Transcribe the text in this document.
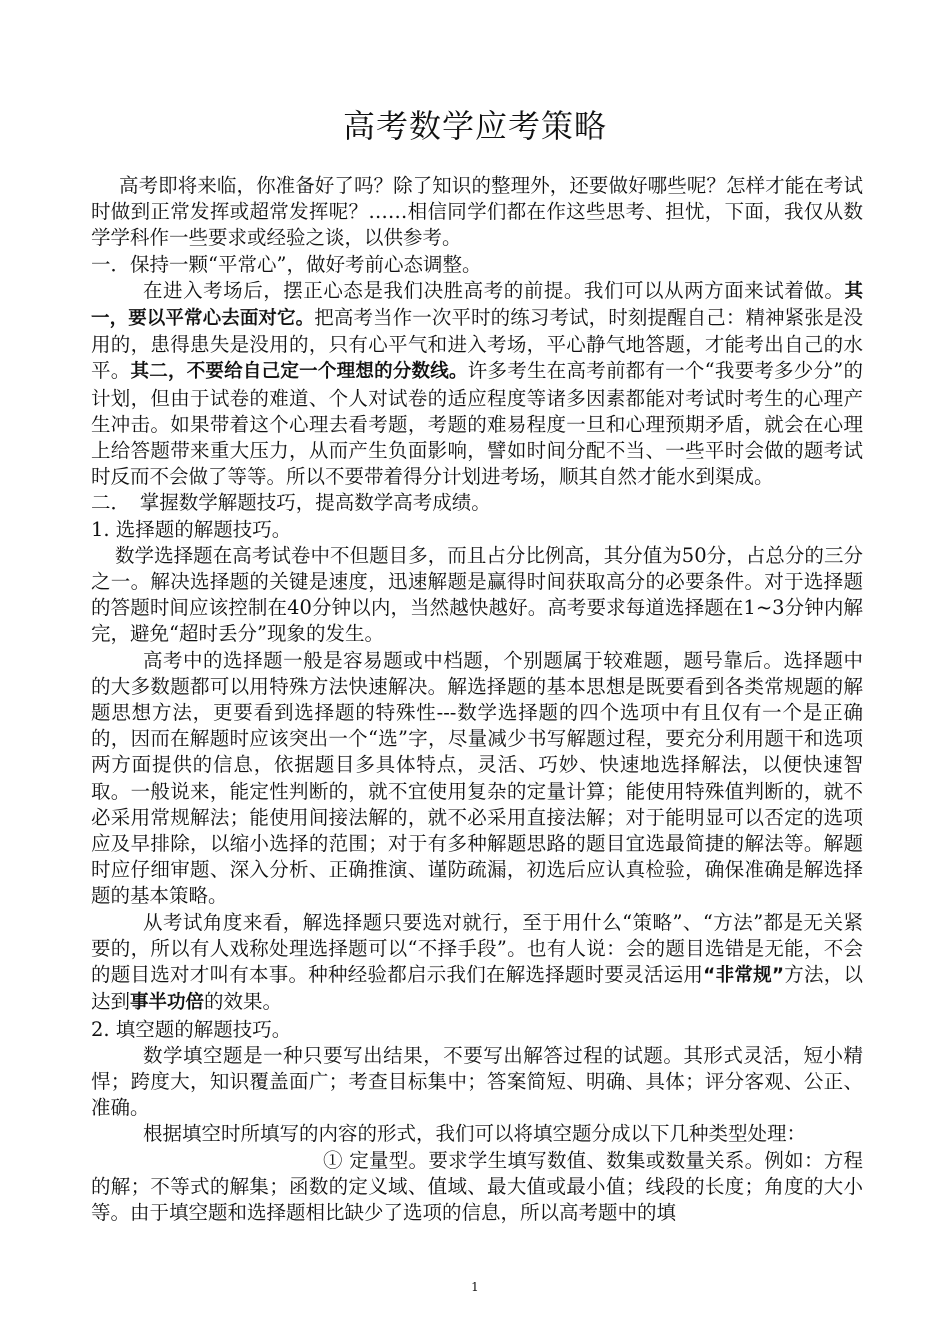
高考数学应考策略

高考即将来临，你准备好了吗？除了知识的整理外，还要做好哪些呢？怎样才能在考试时做到正常发挥或超常发挥呢？……相信同学们都在作这些思考、担忧，下面，我仅从数学学科作一些要求或经验之谈，以供参考。

一．保持一颗“平常心”，做好考前心态调整。

在进入考场后，摆正心态是我们决胜高考的前提。我们可以从两方面来试着做。其一，要以平常心去面对它。把高考当作一次平时的练习考试，时刻提醒自己：精神紧张是没用的，患得患失是没用的，只有心平气和进入考场，平心静气地答题，才能考出自己的水平。其二，不要给自己定一个理想的分数线。许多考生在高考前都有一个“我要考多少分”的计划，但由于试卷的难道、个人对试卷的适应程度等诸多因素都能对考试时考生的心理产生冲击。如果带着这个心理去看考题，考题的难易程度一旦和心理预期矛盾，就会在心理上给答题带来重大压力，从而产生负面影响，譬如时间分配不当、一些平时会做的题考试时反而不会做了等等。所以不要带着得分计划进考场，顺其自然才能水到渠成。

二．　掌握数学解题技巧，提高数学高考成绩。

1. 选择题的解题技巧。

数学选择题在高考试卷中不但题目多，而且占分比例高，其分值为50分，占总分的三分之一。解决选择题的关键是速度，迅速解题是赢得时间获取高分的必要条件。对于选择题的答题时间应该控制在40分钟以内，当然越快越好。高考要求每道选择题在1~3分钟内解完，避免“超时丢分”现象的发生。

高考中的选择题一般是容易题或中档题，个别题属于较难题，题号靠后。选择题中的大多数题都可以用特殊方法快速解决。解选择题的基本思想是既要看到各类常规题的解题思想方法，更要看到选择题的特殊性---数学选择题的四个选项中有且仅有一个是正确的，因而在解题时应该突出一个“选”字，尽量减少书写解题过程，要充分利用题干和选项两方面提供的信息，依据题目多具体特点，灵活、巧妙、快速地选择解法，以便快速智取。一般说来，能定性判断的，就不宜使用复杂的定量计算；能使用特殊值判断的，就不必采用常规解法；能使用间接法解的，就不必采用直接法解；对于能明显可以否定的选项应及早排除，以缩小选择的范围；对于有多种解题思路的题目宜选最简捷的解法等。解题时应仔细审题、深入分析、正确推演、谨防疏漏，初选后应认真检验，确保准确是解选择题的基本策略。

从考试角度来看，解选择题只要选对就行，至于用什么“策略”、“方法”都是无关紧要的，所以有人戏称处理选择题可以“不择手段”。也有人说：会的题目选错是无能，不会的题目选对才叫有本事。种种经验都启示我们在解选择题时要灵活运用“非常规”方法，以达到事半功倍的效果。

2. 填空题的解题技巧。

数学填空题是一种只要写出结果，不要写出解答过程的试题。其形式灵活，短小精悍；跨度大，知识覆盖面广；考查目标集中；答案简短、明确、具体；评分客观、公正、准确。

根据填空时所填写的内容的形式，我们可以将填空题分成以下几种类型处理：

① 定量型。要求学生填写数值、数集或数量关系。例如：方程的解；不等式的解集；函数的定义域、值域、最大值或最小值；线段的长度；角度的大小等。由于填空题和选择题相比缺少了选项的信息，所以高考题中的填

1
